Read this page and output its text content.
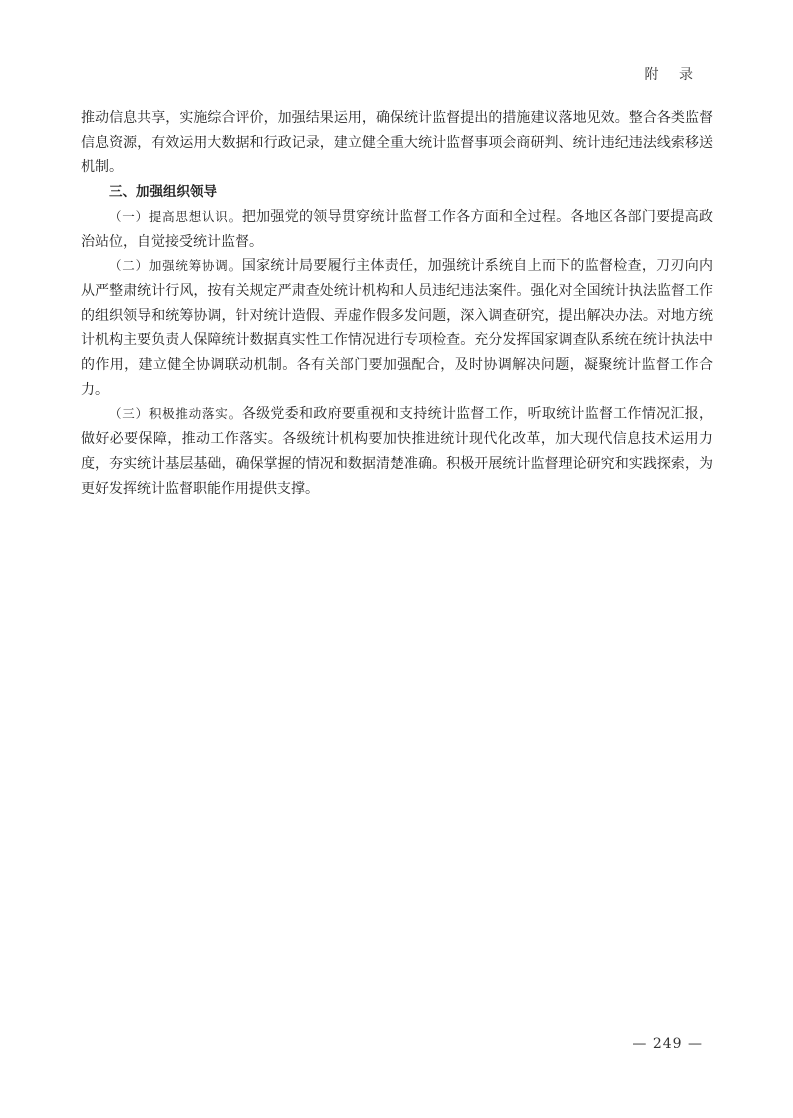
附 录

推动信息共享，实施综合评价，加强结果运用，确保统计监督提出的措施建议落地见效。整合各类监督信息资源，有效运用大数据和行政记录，建立健全重大统计监督事项会商研判、统计违纪违法线索移送机制。

三、加强组织领导

（一）提高思想认识。把加强党的领导贯穿统计监督工作各方面和全过程。各地区各部门要提高政治站位，自觉接受统计监督。

（二）加强统筹协调。国家统计局要履行主体责任，加强统计系统自上而下的监督检查，刀刃向内从严整肃统计行风，按有关规定严肃查处统计机构和人员违纪违法案件。强化对全国统计执法监督工作的组织领导和统筹协调，针对统计造假、弄虚作假多发问题，深入调查研究，提出解决办法。对地方统计机构主要负责人保障统计数据真实性工作情况进行专项检查。充分发挥国家调查队系统在统计执法中的作用，建立健全协调联动机制。各有关部门要加强配合，及时协调解决问题，凝聚统计监督工作合力。

（三）积极推动落实。各级党委和政府要重视和支持统计监督工作，听取统计监督工作情况汇报，做好必要保障，推动工作落实。各级统计机构要加快推进统计现代化改革，加大现代信息技术运用力度，夯实统计基层基础，确保掌握的情况和数据清楚准确。积极开展统计监督理论研究和实践探索，为更好发挥统计监督职能作用提供支撑。

— 249 —
